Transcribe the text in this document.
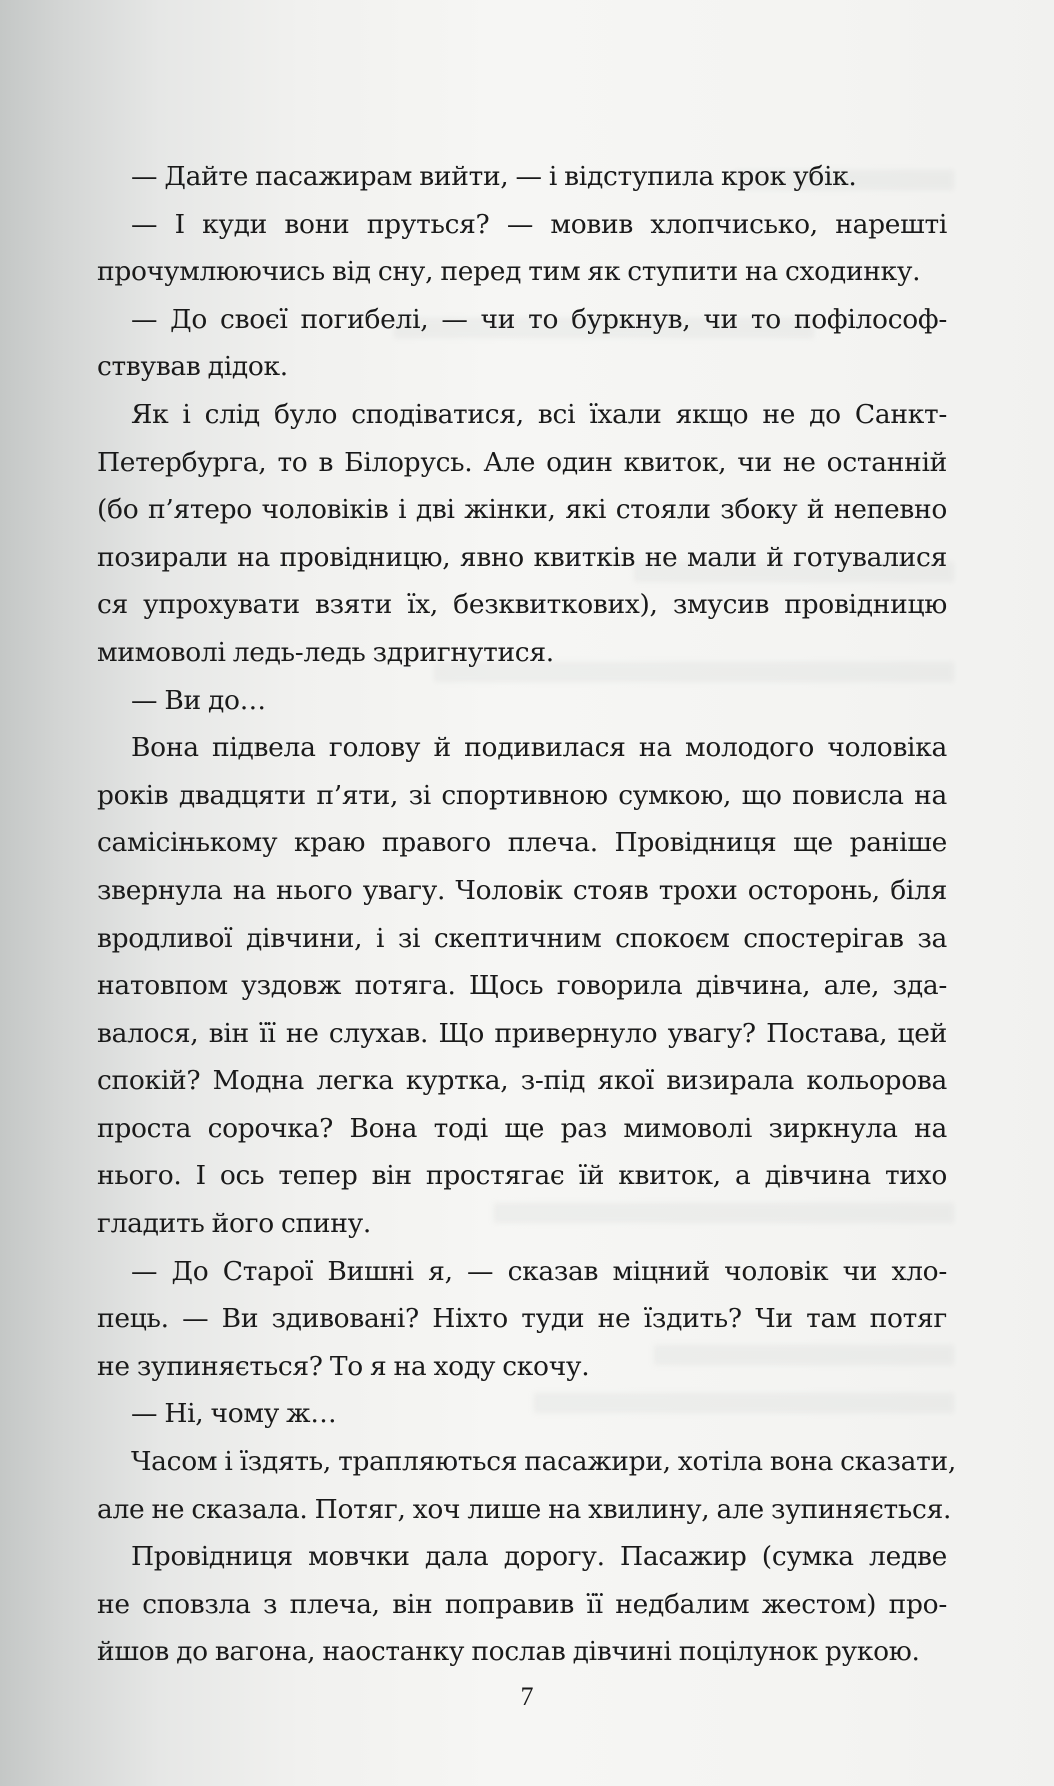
— Дайте пасажирам вийти, — і відступила крок убік.
— І куди вони пруться? — мовив хлопчисько, нарешті
прочумлюючись від сну, перед тим як ступити на сходинку.
— До своєї погибелі, — чи то буркнув, чи то пофілософ-
ствував дідок.
Як і слід було сподіватися, всі їхали якщо не до Санкт-
Петербурга, то в Білорусь. Але один квиток, чи не останній
(бо п’ятеро чоловіків і дві жінки, які стояли збоку й непевно
позирали на провідницю, явно квитків не мали й готувалися
ся упрохувати взяти їх, безквиткових), змусив провідницю
мимоволі ледь-ледь здригнутися.
— Ви до…
Вона підвела голову й подивилася на молодого чоловіка
років двадцяти п’яти, зі спортивною сумкою, що повисла на
самісінькому краю правого плеча. Провідниця ще раніше
звернула на нього увагу. Чоловік стояв трохи осторонь, біля
вродливої дівчини, і зі скептичним спокоєм спостерігав за
натовпом уздовж потяга. Щось говорила дівчина, але, зда-
валося, він її не слухав. Що привернуло увагу? Постава, цей
спокій? Модна легка куртка, з-під якої визирала кольорова
проста сорочка? Вона тоді ще раз мимоволі зиркнула на
нього. І ось тепер він простягає їй квиток, а дівчина тихо
гладить його спину.
— До Старої Вишні я, — сказав міцний чоловік чи хло-
пець. — Ви здивовані? Ніхто туди не їздить? Чи там потяг
не зупиняється? То я на ходу скочу.
— Ні, чому ж…
Часом і їздять, трапляються пасажири, хотіла вона сказати,
але не сказала. Потяг, хоч лише на хвилину, але зупиняється.
Провідниця мовчки дала дорогу. Пасажир (сумка ледве
не сповзла з плеча, він поправив її недбалим жестом) про-
йшов до вагона, наостанку послав дівчині поцілунок рукою.
7
